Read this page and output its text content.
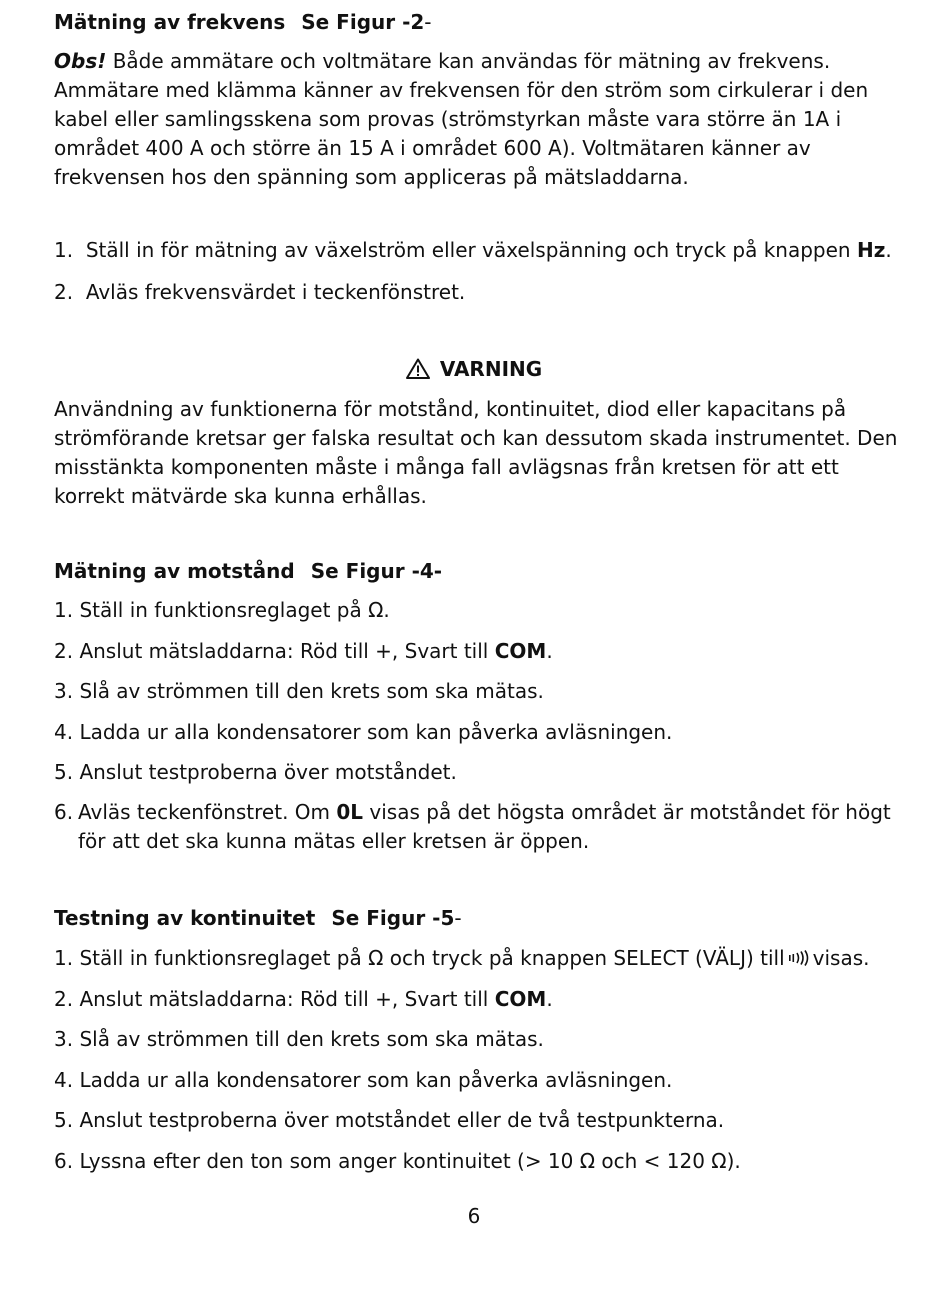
Mätning av frekvens Se Figur -2-

Obs! Både ammätare och voltmätare kan användas för mätning av frekvens. Ammätare med klämma känner av frekvensen för den ström som cirkulerar i den kabel eller samlingsskena som provas (strömstyrkan måste vara större än 1A i området 400 A och större än 15 A i området 600 A). Voltmätaren känner av frekvensen hos den spänning som appliceras på mätsladdarna.

1. Ställ in för mätning av växelström eller växelspänning och tryck på knappen Hz.
2. Avläs frekvensvärdet i teckenfönstret.
VARNING

Användning av funktionerna för motstånd, kontinuitet, diod eller kapacitans på strömförande kretsar ger falska resultat och kan dessutom skada instrumentet. Den misstänkta komponenten måste i många fall avlägsnas från kretsen för att ett korrekt mätvärde ska kunna erhållas.

Mätning av motstånd Se Figur -4-
1. Ställ in funktionsreglaget på Ω.
2. Anslut mätsladdarna: Röd till +, Svart till COM.
3. Slå av strömmen till den krets som ska mätas.
4. Ladda ur alla kondensatorer som kan påverka avläsningen.
5. Anslut testproberna över motståndet.
6. Avläs teckenfönstret. Om 0L visas på det högsta området är motståndet för högt för att det ska kunna mätas eller kretsen är öppen.
Testning av kontinuitet Se Figur -5-
1. Ställ in funktionsreglaget på Ω och tryck på knappen SELECT (VÄLJ) till visas.
2. Anslut mätsladdarna: Röd till +, Svart till COM.
3. Slå av strömmen till den krets som ska mätas.
4. Ladda ur alla kondensatorer som kan påverka avläsningen.
5. Anslut testproberna över motståndet eller de två testpunkterna.
6. Lyssna efter den ton som anger kontinuitet (> 10 Ω och < 120 Ω).
6
